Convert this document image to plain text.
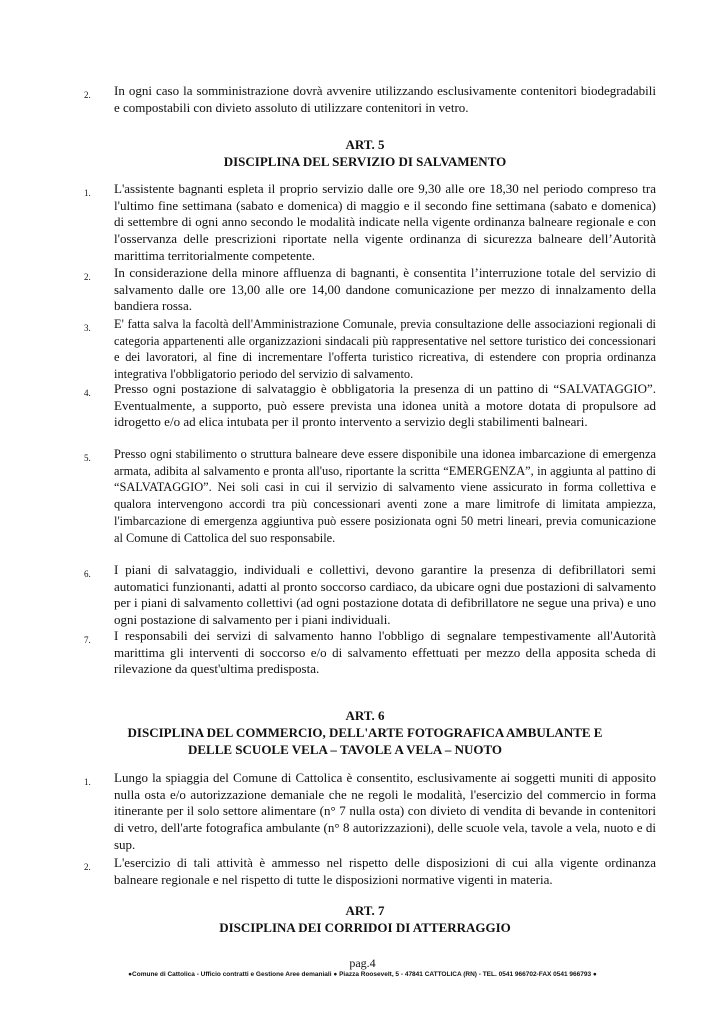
2. In ogni caso la somministrazione dovrà avvenire utilizzando esclusivamente contenitori biodegradabili e compostabili con divieto assoluto di utilizzare contenitori in vetro.
ART. 5
DISCIPLINA DEL SERVIZIO DI SALVAMENTO
1. L'assistente bagnanti espleta il proprio servizio dalle ore 9,30 alle ore 18,30 nel periodo compreso tra l'ultimo fine settimana (sabato e domenica) di maggio e il secondo fine settimana (sabato e domenica) di settembre di ogni anno secondo le modalità indicate nella vigente ordinanza balneare regionale e con l'osservanza delle prescrizioni riportate nella vigente ordinanza di sicurezza balneare dell’Autorità marittima territorialmente competente.
2. In considerazione della minore affluenza di bagnanti, è consentita l’interruzione totale del servizio di salvamento dalle ore 13,00 alle ore 14,00 dandone comunicazione per mezzo di innalzamento della bandiera rossa.
3. E' fatta salva la facoltà dell'Amministrazione Comunale, previa consultazione delle associazioni regionali di categoria appartenenti alle organizzazioni sindacali più rappresentative nel settore turistico dei concessionari e dei lavoratori, al fine di incrementare l'offerta turistico ricreativa, di estendere con propria ordinanza integrativa l'obbligatorio periodo del servizio di salvamento.
4. Presso ogni postazione di salvataggio è obbligatoria la presenza di un pattino di “SALVATAGGIO”. Eventualmente, a supporto, può essere prevista una idonea unità a motore dotata di propulsore ad idrogetto e/o ad elica intubata per il pronto intervento a servizio degli stabilimenti balneari.
5. Presso ogni stabilimento o struttura balneare deve essere disponibile una idonea imbarcazione di emergenza armata, adibita al salvamento e pronta all'uso, riportante la scritta “EMERGENZA”, in aggiunta al pattino di “SALVATAGGIO”. Nei soli casi in cui il servizio di salvamento viene assicurato in forma collettiva e qualora intervengono accordi tra più concessionari aventi zone a mare limitrofe di limitata ampiezza, l'imbarcazione di emergenza aggiuntiva può essere posizionata ogni 50 metri lineari, previa comunicazione al Comune di Cattolica del suo responsabile.
6. I piani di salvataggio, individuali e collettivi, devono garantire la presenza di defibrillatori semi automatici funzionanti, adatti al pronto soccorso cardiaco, da ubicare ogni due postazioni di salvamento per i piani di salvamento collettivi (ad ogni postazione dotata di defibrillatore ne segue una priva) e uno ogni postazione di salvamento per i piani individuali.
7. I responsabili dei servizi di salvamento hanno l'obbligo di segnalare tempestivamente all'Autorità marittima gli interventi di soccorso e/o di salvamento effettuati per mezzo della apposita scheda di rilevazione da quest'ultima predisposta.
ART. 6
DISCIPLINA DEL COMMERCIO, DELL'ARTE FOTOGRAFICA AMBULANTE E
DELLE SCUOLE VELA – TAVOLE A VELA – NUOTO
1. Lungo la spiaggia del Comune di Cattolica è consentito, esclusivamente ai soggetti muniti di apposito nulla osta e/o autorizzazione demaniale che ne regoli le modalità, l'esercizio del commercio in forma itinerante per il solo settore alimentare (n° 7 nulla osta) con divieto di vendita di bevande in contenitori di vetro, dell'arte fotografica ambulante (n° 8 autorizzazioni), delle scuole vela, tavole a vela, nuoto e di sup.
2. L'esercizio di tali attività è ammesso nel rispetto delle disposizioni di cui alla vigente ordinanza balneare regionale e nel rispetto di tutte le disposizioni normative vigenti in materia.
ART. 7
DISCIPLINA DEI CORRIDOI DI ATTERRAGGIO
pag.4
●Comune di Cattolica - Ufficio contratti e Gestione Aree demaniali ● Piazza Roosevelt, 5 - 47841 CATTOLICA (RN) - TEL. 0541 966702-FAX 0541 966793 ●
